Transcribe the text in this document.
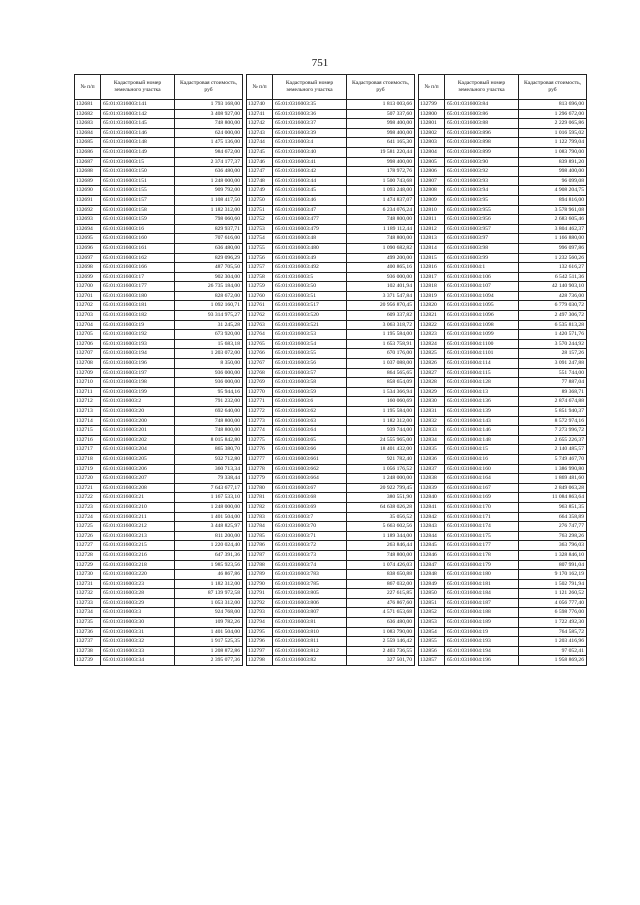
751
№ п/п	Кадастровый номер земельного участка	Кадастровая стоимость, руб
132681	65:01:0316003:141	1 793 168,00
132682	65:01:0316003:142	3 408 927,00
132683	65:01:0316003:145	748 800,00
132684	65:01:0316003:146	624 000,00
132685	65:01:0316003:148	1 475 136,00
132686	65:01:0316003:149	984 672,00
132687	65:01:0316003:15	2 374 177,37
132688	65:01:0316003:150	636 480,00
132689	65:01:0316003:151	1 248 000,00
132690	65:01:0316003:155	909 792,00
132691	65:01:0316003:157	1 108 417,50
132692	65:01:0316003:158	1 182 312,00
132693	65:01:0316003:159	798 060,60
132694	65:01:0316003:16	829 937,71
132695	65:01:0316003:160	707 616,00
132696	65:01:0316003:161	636 480,00
132697	65:01:0316003:162	829 096,29
132698	65:01:0316003:166	487 705,50
132699	65:01:0316003:17	902 304,00
132700	65:01:0316003:177	26 735 184,00
132701	65:01:0316003:180	828 672,00
132702	65:01:0316003:181	1 092 160,71
132703	65:01:0316003:182	93 314 975,27
132704	65:01:0316003:19	31 245,28
132705	65:01:0316003:192	673 920,00
132706	65:01:0316003:193	15 683,18
132707	65:01:0316003:194	1 203 072,00
132708	65:01:0316003:196	8 350,00
132709	65:01:0316003:197	936 000,00
132710	65:01:0316003:198	936 000,00
132711	65:01:0316003:199	95 944,16
132712	65:01:0316003:2	791 232,00
132713	65:01:0316003:20	692 640,00
132714	65:01:0316003:200	748 800,00
132715	65:01:0316003:201	748 800,00
132716	65:01:0316003:202	8 015 842,80
132717	65:01:0316003:204	865 380,70
132718	65:01:0316003:205	932 712,80
132719	65:01:0316003:206	360 713,34
132720	65:01:0316003:207	79 338,44
132721	65:01:0316003:208	7 643 677,17
132722	65:01:0316003:21	1 167 533,10
132723	65:01:0316003:210	1 248 000,00
132724	65:01:0316003:211	1 401 504,00
132725	65:01:0316003:212	3 448 825,97
132726	65:01:0316003:213	811 200,00
132727	65:01:0316003:215	1 220 024,40
132728	65:01:0316003:216	647 391,36
132729	65:01:0316003:218	1 985 923,56
132730	65:01:0316003:220	46 867,86
132731	65:01:0316003:23	1 182 312,00
132732	65:01:0316003:28	87 139 972,58
132733	65:01:0316003:29	1 053 312,00
132734	65:01:0316003:3	924 768,00
132735	65:01:0316003:30	109 782,26
132736	65:01:0316003:31	1 401 504,00
132737	65:01:0316003:32	1 917 525,35
132738	65:01:0316003:33	1 208 872,86
132739	65:01:0316003:34	2 395 077,36
№ п/п	Кадастровый номер земельного участка	Кадастровая стоимость, руб
132740	65:01:0316003:35	1 813 003,66
132741	65:01:0316003:36	507 337,60
132742	65:01:0316003:37	998 400,00
132743	65:01:0316003:39	998 400,00
132744	65:01:0316003:4	641 165,30
132745	65:01:0316003:40	19 581 220,44
132746	65:01:0316003:41	998 400,00
132747	65:01:0316003:42	178 972,76
132748	65:01:0316003:44	1 500 743,68
132749	65:01:0316003:45	1 093 248,00
132750	65:01:0316003:46	1 474 837,07
132751	65:01:0316003:47	6 234 076,24
132752	65:01:0316003:477	748 800,00
132753	65:01:0316003:479	1 189 112,44
132754	65:01:0316003:48	748 800,00
132755	65:01:0316003:480	1 090 682,82
132756	65:01:0316003:49	499 200,00
132757	65:01:0316003:492	400 865,16
132758	65:01:0316003:5	936 000,00
132759	65:01:0316003:50	102 401,94
132760	65:01:0316003:51	3 371 547,84
132761	65:01:0316003:517	20 956 870,45
132762	65:01:0316003:520	609 337,82
132763	65:01:0316003:521	3 063 318,72
132764	65:01:0316003:53	1 195 584,00
132765	65:01:0316003:54	1 653 758,91
132766	65:01:0316003:55	670 176,00
132767	65:01:0316003:56	1 037 088,00
132768	65:01:0316003:57	864 565,65
132769	65:01:0316003:58	858 654,09
132770	65:01:0316003:59	1 534 366,94
132771	65:01:0316003:6	160 060,69
132772	65:01:0316003:62	1 195 584,00
132773	65:01:0316003:63	1 182 312,00
132774	65:01:0316003:64	939 744,00
132775	65:01:0316003:65	24 555 965,00
132776	65:01:0316003:66	18 401 432,00
132777	65:01:0316003:661	921 782,40
132778	65:01:0316003:662	1 056 176,52
132779	65:01:0316003:664	1 248 000,00
132780	65:01:0316003:67	20 922 799,45
132781	65:01:0316003:68	380 551,90
132782	65:01:0316003:69	64 638 026,28
132783	65:01:0316003:7	35 056,52
132784	65:01:0316003:70	5 663 602,56
132785	65:01:0316003:71	1 189 344,00
132786	65:01:0316003:72	263 846,44
132787	65:01:0316003:73	748 800,00
132788	65:01:0316003:74	1 074 426,03
132789	65:01:0316003:783	838 650,88
132790	65:01:0316003:785	867 032,00
132791	65:01:0316003:805	227 615,85
132792	65:01:0316003:806	476 867,60
132793	65:01:0316003:807	4 571 653,68
132794	65:01:0316003:81	636 480,00
132795	65:01:0316003:810	1 083 790,00
132796	65:01:0316003:811	2 559 146,42
132797	65:01:0316003:812	2 403 736,55
132798	65:01:0316003:82	327 501,70
№ п/п	Кадастровый номер земельного участка	Кадастровая стоимость, руб
132799	65:01:0316003:84	813 696,00
132800	65:01:0316003:86	1 296 672,00
132801	65:01:0316003:88	2 229 065,86
132802	65:01:0316003:896	1 016 595,02
132803	65:01:0316003:898	1 122 799,04
132804	65:01:0316003:899	1 083 790,00
132805	65:01:0316003:90	839 891,20
132806	65:01:0316003:92	998 400,00
132807	65:01:0316003:93	96 099,08
132808	65:01:0316003:94	4 908 204,75
132809	65:01:0316003:95	894 816,00
132810	65:01:0316003:955	3 578 961,08
132811	65:01:0316003:956	2 683 605,46
132812	65:01:0316003:957	3 804 462,37
132813	65:01:0316003:97	1 166 880,00
132814	65:01:0316003:98	996 097,86
132815	65:01:0316003:99	1 232 560,26
132816	65:01:0316004:1	132 616,27
132817	65:01:0316004:106	6 542 511,36
132818	65:01:0316004:107	42 140 903,10
132819	65:01:0316004:1094	428 736,00
132820	65:01:0316004:1095	6 779 030,72
132821	65:01:0316004:1096	2 497 306,72
132822	65:01:0316004:1098	6 535 813,28
132823	65:01:0316004:1099	1 420 571,76
132824	65:01:0316004:1100	3 570 244,92
132825	65:01:0316004:1101	28 157,26
132826	65:01:0316004:114	3 091 247,88
132827	65:01:0316004:115	551 744,00
132828	65:01:0316004:128	77 887,04
132829	65:01:0316004:13	89 368,71
132830	65:01:0316004:136	2 874 674,88
132831	65:01:0316004:139	5 851 940,37
132832	65:01:0316004:143	8 572 974,16
132833	65:01:0316004:146	7 273 996,72
132834	65:01:0316004:148	2 655 226,37
132835	65:01:0316004:15	2 140 485,57
132836	65:01:0316004:16	5 749 467,70
132837	65:01:0316004:160	1 386 990,80
132838	65:01:0316004:164	1 869 481,60
132839	65:01:0316004:167	2 849 063,28
132840	65:01:0316004:169	11 084 863,64
132841	65:01:0316004:170	963 851,35
132842	65:01:0316004:171	664 358,89
132843	65:01:0316004:174	276 747,77
132844	65:01:0316004:175	763 298,26
132845	65:01:0316004:177	363 796,03
132846	65:01:0316004:178	1 328 846,10
132847	65:01:0316004:179	807 991,04
132848	65:01:0316004:180	9 170 162,19
132849	65:01:0316004:181	1 502 791,94
132850	65:01:0316004:184	1 121 260,52
132851	65:01:0316004:187	4 056 777,40
132852	65:01:0316004:188	6 598 776,00
132853	65:01:0316004:189	1 722 492,30
132854	65:01:0316004:19	764 585,72
132855	65:01:0316004:193	1 203 416,96
132856	65:01:0316004:194	97 052,41
132857	65:01:0316004:196	1 958 869,26
